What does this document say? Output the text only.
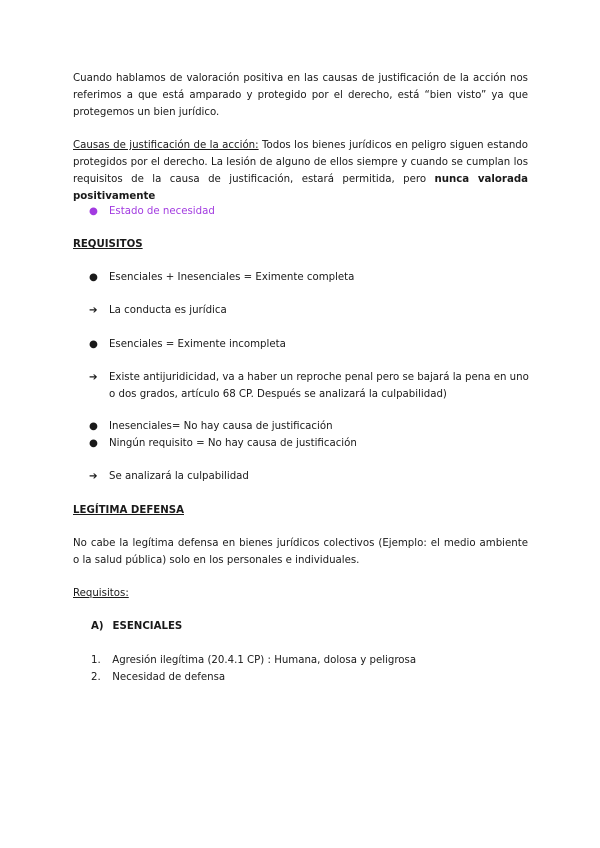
Cuando hablamos de valoración positiva en las causas de justificación de la acción nos referimos a que está amparado y protegido por el derecho, está “bien visto” ya que protegemos un bien jurídico.

Causas de justificación de la acción: Todos los bienes jurídicos en peligro siguen estando protegidos por el derecho. La lesión de alguno de ellos siempre y cuando se cumplan los requisitos de la causa de justificación, estará permitida, pero nunca valorada positivamente

●	Estado de necesidad
REQUISITOS
●	Esenciales + Inesenciales = Eximente completa
➔	La conducta es jurídica
●	Esenciales = Eximente incompleta
➔	Existe antijuridicidad, va a haber un reproche penal pero se bajará la pena en uno o dos grados, artículo 68 CP. Después se analizará la culpabilidad)
●	Inesenciales= No hay causa de justificación
●	Ningún requisito = No hay causa de justificación
➔	Se analizará la culpabilidad
LEGÍTIMA DEFENSA

No cabe la legítima defensa en bienes jurídicos colectivos (Ejemplo: el medio ambiente o la salud pública) solo en los personales e individuales.

Requisitos:
A) ESENCIALES
1. Agresión ilegítima (20.4.1 CP) : Humana, dolosa y peligrosa
2. Necesidad de defensa
